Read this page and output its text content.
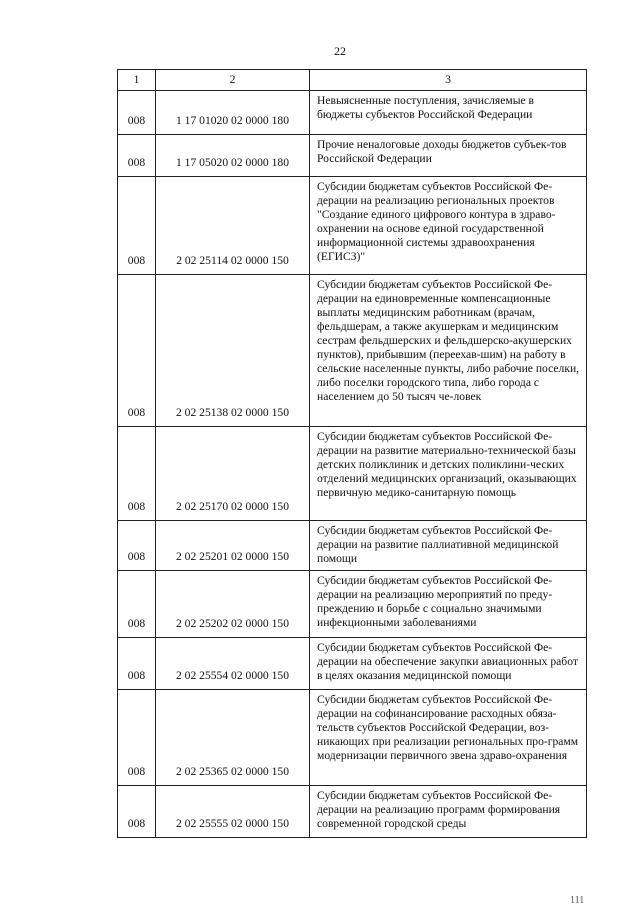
22
1	2	3
008	1 17 01020 02 0000 180	Невыясненные поступления, зачисляемые в бюджеты субъектов Российской Федерации
008	1 17 05020 02 0000 180	Прочие неналоговые доходы бюджетов субъек-тов Российской Федерации
008	2 02 25114 02 0000 150	Субсидии бюджетам субъектов Российской Фе-дерации на реализацию региональных проектов "Создание единого цифрового контура в здраво-охранении на основе единой государственной информационной системы здравоохранения (ЕГИСЗ)"
008	2 02 25138 02 0000 150	Субсидии бюджетам субъектов Российской Фе-дерации на единовременные компенсационные выплаты медицинским работникам (врачам, фельдшерам, а также акушеркам и медицинским сестрам фельдшерских и фельдшерско-акушерских пунктов), прибывшим (переехав-шим) на работу в сельские населенные пункты, либо рабочие поселки, либо поселки городского типа, либо города с населением до 50 тысяч че-ловек
008	2 02 25170 02 0000 150	Субсидии бюджетам субъектов Российской Фе-дерации на развитие материально-технической базы детских поликлиник и детских поликлини-ческих отделений медицинских организаций, оказывающих первичную медико-санитарную помощь
008	2 02 25201 02 0000 150	Субсидии бюджетам субъектов Российской Фе-дерации на развитие паллиативной медицинской помощи
008	2 02 25202 02 0000 150	Субсидии бюджетам субъектов Российской Фе-дерации на реализацию мероприятий по преду-преждению и борьбе с социально значимыми инфекционными заболеваниями
008	2 02 25554 02 0000 150	Субсидии бюджетам субъектов Российской Фе-дерации на обеспечение закупки авиационных работ в целях оказания медицинской помощи
008	2 02 25365 02 0000 150	Субсидии бюджетам субъектов Российской Фе-дерации на софинансирование расходных обяза-тельств субъектов Российской Федерации, воз-никающих при реализации региональных про-грамм модернизации первичного звена здраво-охранения
008	2 02 25555 02 0000 150	Субсидии бюджетам субъектов Российской Фе-дерации на реализацию программ формирования современной городской среды
111
